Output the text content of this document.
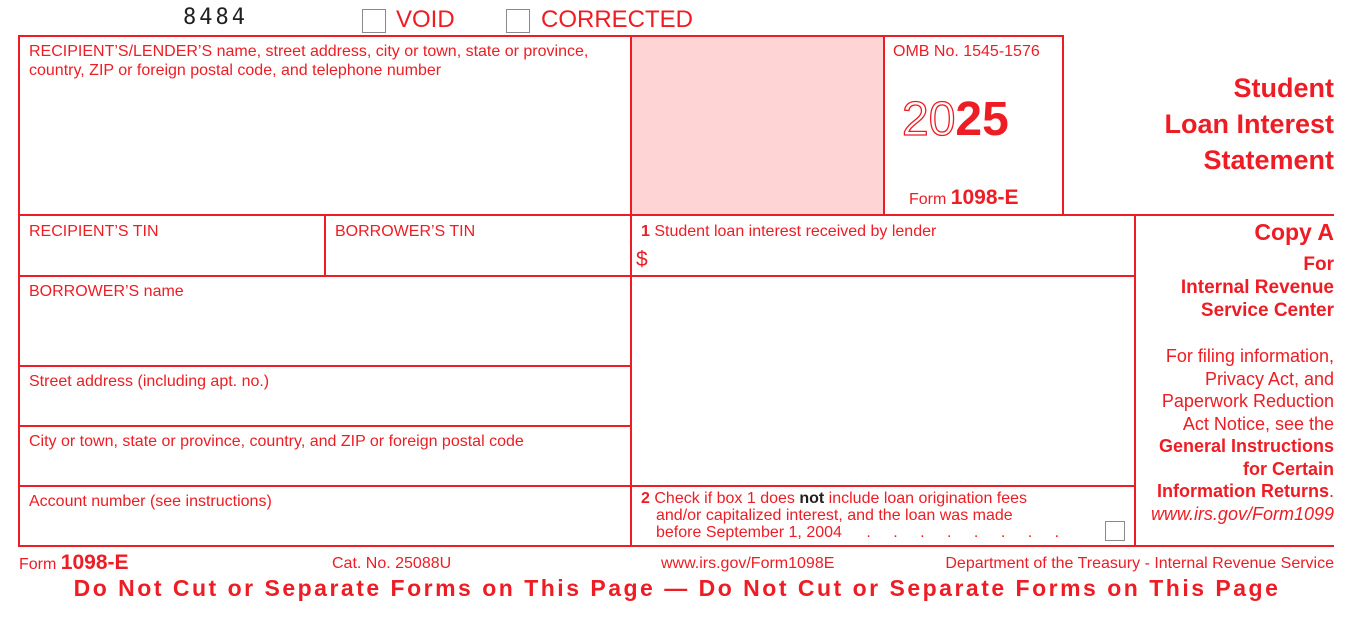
8484	VOID	CORRECTED
RECIPIENT’S/LENDER’S name, street address, city or town, state or province, country, ZIP or foreign postal code, and telephone number
OMB No. 1545-1576
2025
Form 1098-E
Student
Loan Interest
Statement
RECIPIENT’S TIN	BORROWER’S TIN	1 Student loan interest received by lender
$
BORROWER’S name
Street address (including apt. no.)
City or town, state or province, country, and ZIP or foreign postal code
Account number (see instructions)	2 Check if box 1 does not include loan origination fees
and/or capitalized interest, and the loan was made
before September 1, 2004 . . . . . . . .
Copy A
For
Internal Revenue
Service Center
For filing information,
Privacy Act, and
Paperwork Reduction
Act Notice, see the
General Instructions
for Certain
Information Returns.
www.irs.gov/Form1099
Form 1098-E	Cat. No. 25088U	www.irs.gov/Form1098E	Department of the Treasury - Internal Revenue Service
Do Not Cut or Separate Forms on This Page — Do Not Cut or Separate Forms on This Page
